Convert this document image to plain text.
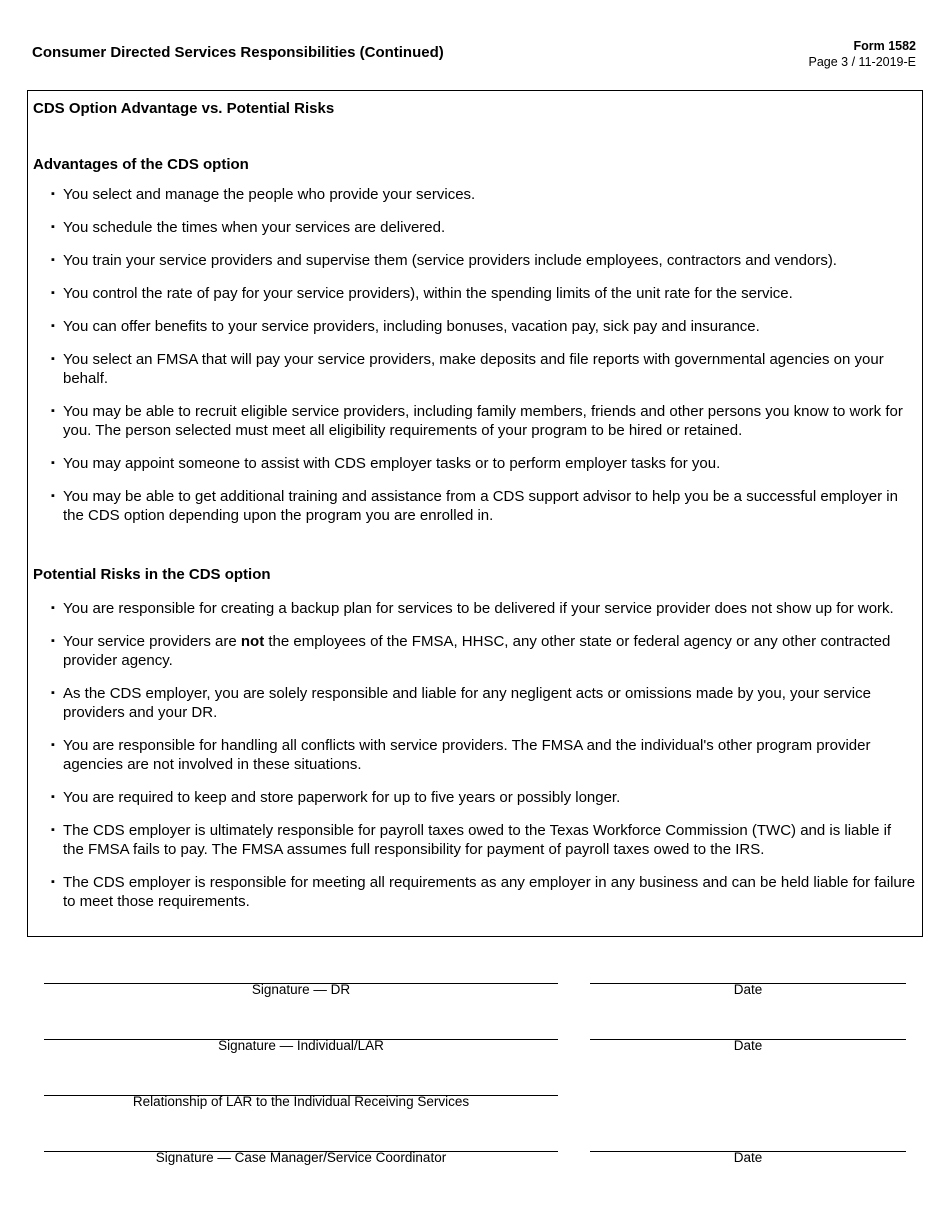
Consumer Directed Services Responsibilities (Continued)	Form 1582
Page 3 / 11-2019-E
CDS Option Advantage vs. Potential Risks
Advantages of the CDS option
▪ You select and manage the people who provide your services.
▪ You schedule the times when your services are delivered.
▪ You train your service providers and supervise them (service providers include employees, contractors and vendors).
▪ You control the rate of pay for your service providers), within the spending limits of the unit rate for the service.
▪ You can offer benefits to your service providers, including bonuses, vacation pay, sick pay and insurance.
▪ You select an FMSA that will pay your service providers, make deposits and file reports with governmental agencies on your behalf.
▪ You may be able to recruit eligible service providers, including family members, friends and other persons you know to work for you. The person selected must meet all eligibility requirements of your program to be hired or retained.
▪ You may appoint someone to assist with CDS employer tasks or to perform employer tasks for you.
▪ You may be able to get additional training and assistance from a CDS support advisor to help you be a successful employer in the CDS option depending upon the program you are enrolled in.
Potential Risks in the CDS option
▪ You are responsible for creating a backup plan for services to be delivered if your service provider does not show up for work.
▪ Your service providers are not the employees of the FMSA, HHSC, any other state or federal agency or any other contracted provider agency.
▪ As the CDS employer, you are solely responsible and liable for any negligent acts or omissions made by you, your service providers and your DR.
▪ You are responsible for handling all conflicts with service providers. The FMSA and the individual's other program provider agencies are not involved in these situations.
▪ You are required to keep and store paperwork for up to five years or possibly longer.
▪ The CDS employer is ultimately responsible for payroll taxes owed to the Texas Workforce Commission (TWC) and is liable if the FMSA fails to pay. The FMSA assumes full responsibility for payment of payroll taxes owed to the IRS.
▪ The CDS employer is responsible for meeting all requirements as any employer in any business and can be held liable for failure to meet those requirements.
Signature — DR	Date
Signature — Individual/LAR	Date
Relationship of LAR to the Individual Receiving Services
Signature — Case Manager/Service Coordinator	Date
